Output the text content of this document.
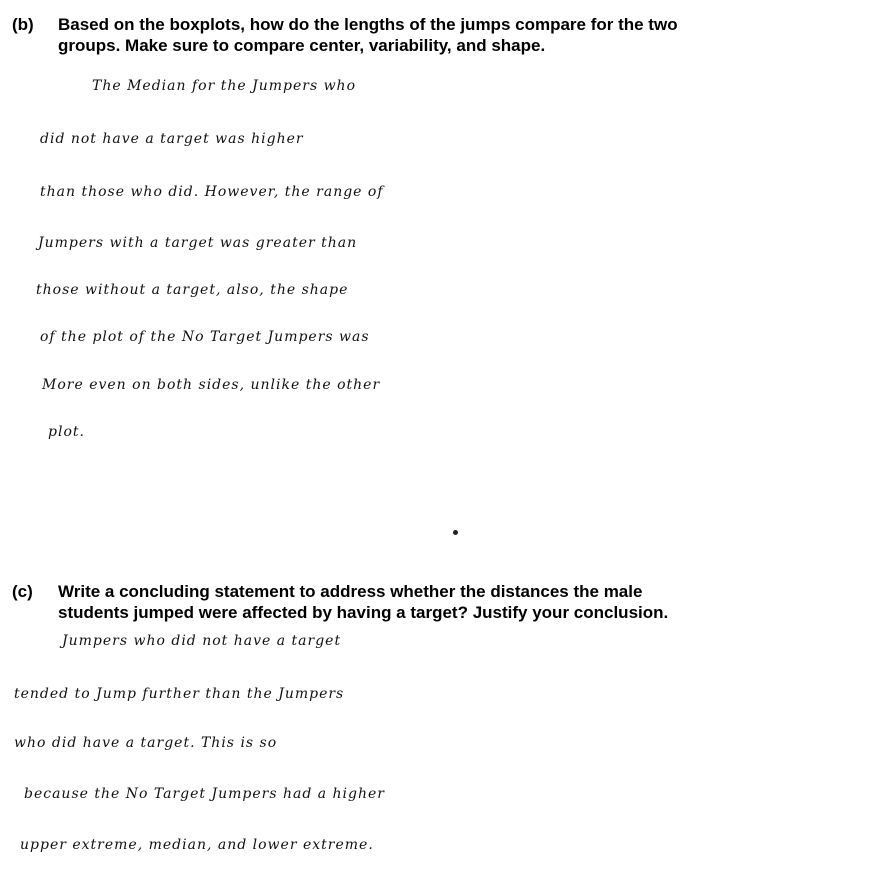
(b) Based on the boxplots, how do the lengths of the jumps compare for the two
groups. Make sure to compare center, variability, and shape.

The Median for the Jumpers who

did not have a target was higher

than those who did. However, the range of

Jumpers with a target was greater than

those without a target, also, the shape

of the plot of the No Target Jumpers was

More even on both sides, unlike the other

plot.

(c) Write a concluding statement to address whether the distances the male
students jumped were affected by having a target? Justify your conclusion.

Jumpers who did not have a target

tended to Jump further than the Jumpers

who did have a target. This is so

because the No Target Jumpers had a higher

upper extreme, median, and lower extreme.
